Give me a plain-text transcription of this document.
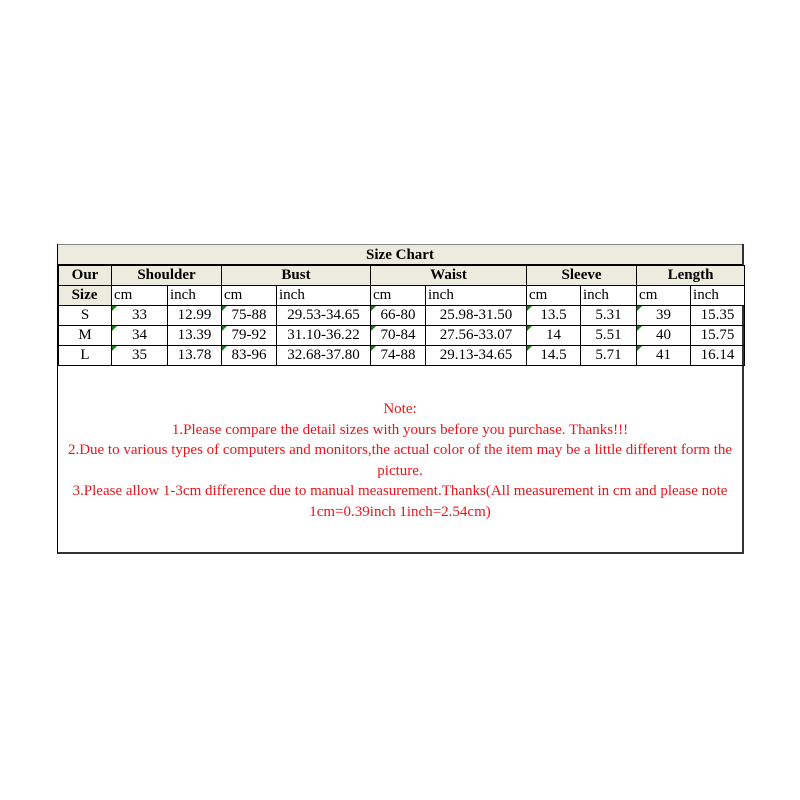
Size Chart
Our	Shoulder		Bust		Waist		Sleeve		Length	
Size	cm	inch	cm	inch	cm	inch	cm	inch	cm	inch
S	33	12.99	75-88	29.53-34.65	66-80	25.98-31.50	13.5	5.31	39	15.35
M	34	13.39	79-92	31.10-36.22	70-84	27.56-33.07	14	5.51	40	15.75
L	35	13.78	83-96	32.68-37.80	74-88	29.13-34.65	14.5	5.71	41	16.14
Note:
1.Please compare the detail sizes with yours before you purchase. Thanks!!!
2.Due to various types of computers and monitors,the actual color of the item may be a little different form the picture.
3.Please allow 1-3cm difference due to manual measurement.Thanks(All measurement in cm and please note 1cm=0.39inch 1inch=2.54cm)
